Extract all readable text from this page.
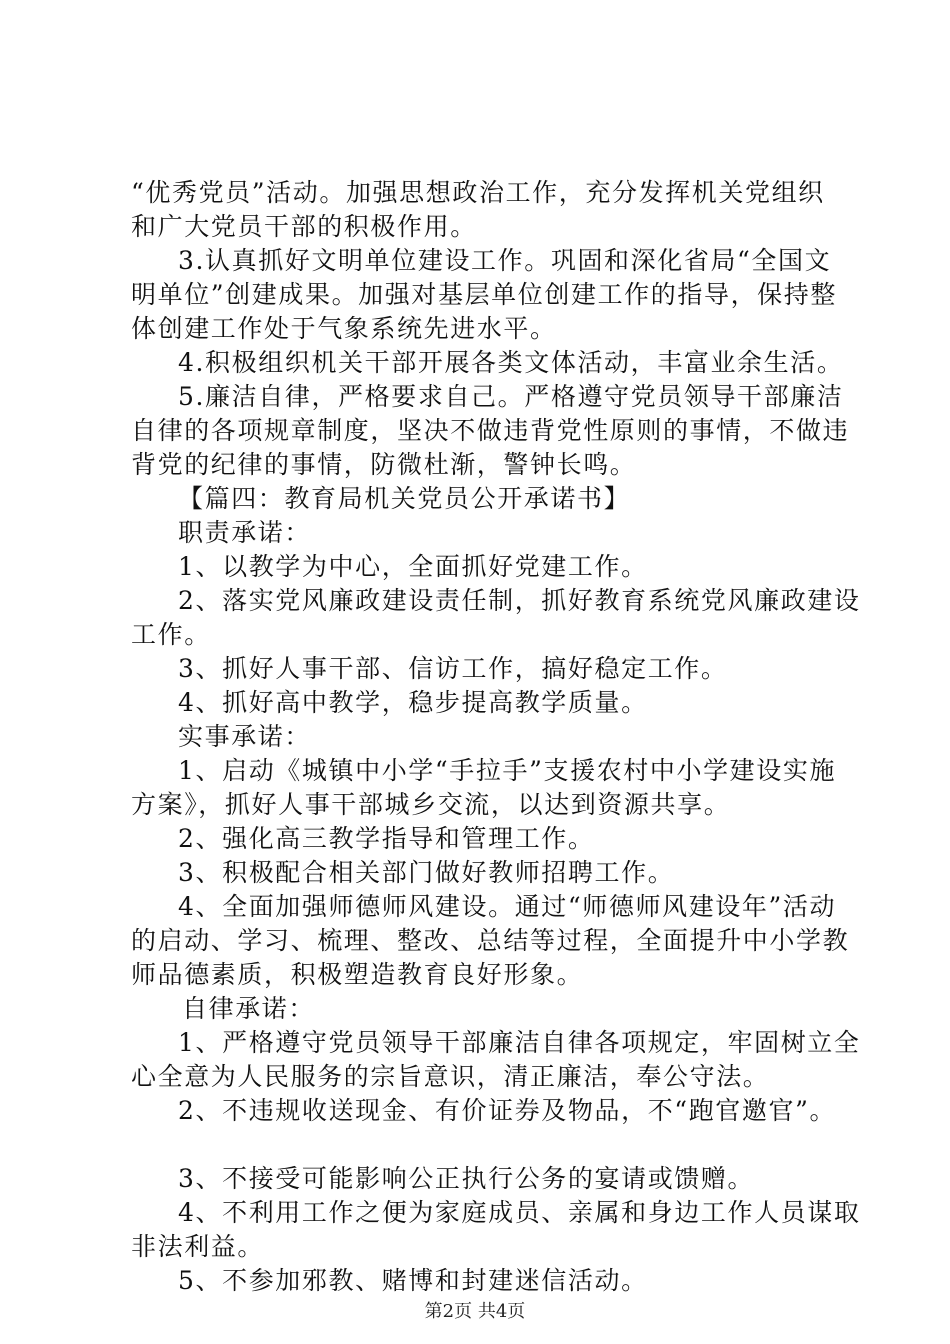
“优秀党员”活动。加强思想政治工作，充分发挥机关党组织
和广大党员干部的积极作用。
3.认真抓好文明单位建设工作。巩固和深化省局“全国文
明单位”创建成果。加强对基层单位创建工作的指导，保持整
体创建工作处于气象系统先进水平。
4.积极组织机关干部开展各类文体活动，丰富业余生活。
5.廉洁自律，严格要求自己。严格遵守党员领导干部廉洁
自律的各项规章制度，坚决不做违背党性原则的事情，不做违
背党的纪律的事情，防微杜渐，警钟长鸣。
【篇四：教育局机关党员公开承诺书】
职责承诺：
1、以教学为中心，全面抓好党建工作。
2、落实党风廉政建设责任制，抓好教育系统党风廉政建设
工作。
3、抓好人事干部、信访工作，搞好稳定工作。
4、抓好高中教学，稳步提高教学质量。
实事承诺：
1、启动《城镇中小学“手拉手”支援农村中小学建设实施
方案》，抓好人事干部城乡交流，以达到资源共享。
2、强化高三教学指导和管理工作。
3、积极配合相关部门做好教师招聘工作。
4、全面加强师德师风建设。通过“师德师风建设年”活动
的启动、学习、梳理、整改、总结等过程，全面提升中小学教
师品德素质，积极塑造教育良好形象。
自律承诺：
1、严格遵守党员领导干部廉洁自律各项规定，牢固树立全
心全意为人民服务的宗旨意识，清正廉洁，奉公守法。
2、不违规收送现金、有价证券及物品，不“跑官邀官”。
3、不接受可能影响公正执行公务的宴请或馈赠。
4、不利用工作之便为家庭成员、亲属和身边工作人员谋取
非法利益。
5、不参加邪教、赌博和封建迷信活动。
第2页 共4页
